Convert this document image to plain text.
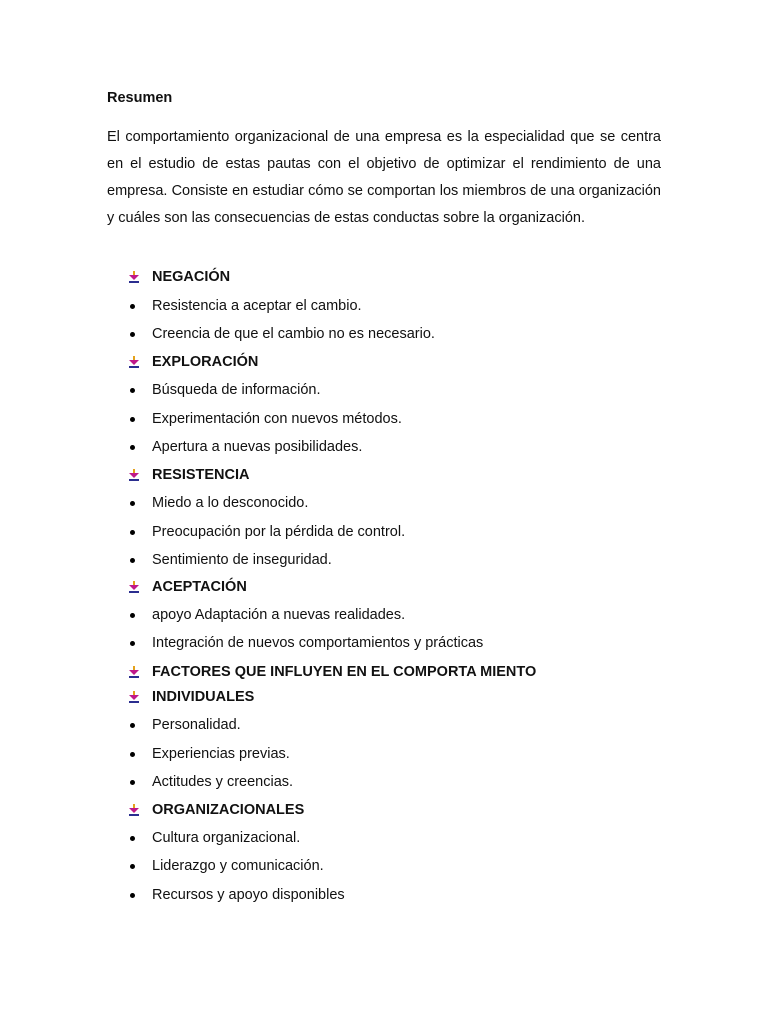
Resumen

El comportamiento organizacional de una empresa es la especialidad que se centra en el estudio de estas pautas con el objetivo de optimizar el rendimiento de una empresa. Consiste en estudiar cómo se comportan los miembros de una organización y cuáles son las consecuencias de estas conductas sobre la organización.

NEGACIÓN
Resistencia a aceptar el cambio.
Creencia de que el cambio no es necesario.
EXPLORACIÓN
Búsqueda de información.
Experimentación con nuevos métodos.
Apertura a nuevas posibilidades.
RESISTENCIA
Miedo a lo desconocido.
Preocupación por la pérdida de control.
Sentimiento de inseguridad.
ACEPTACIÓN
apoyo Adaptación a nuevas realidades.
Integración de nuevos comportamientos y prácticas
FACTORES QUE INFLUYEN EN EL COMPORTA MIENTO
INDIVIDUALES
Personalidad.
Experiencias previas.
Actitudes y creencias.
ORGANIZACIONALES
Cultura organizacional.
Liderazgo y comunicación.
Recursos y apoyo disponibles
